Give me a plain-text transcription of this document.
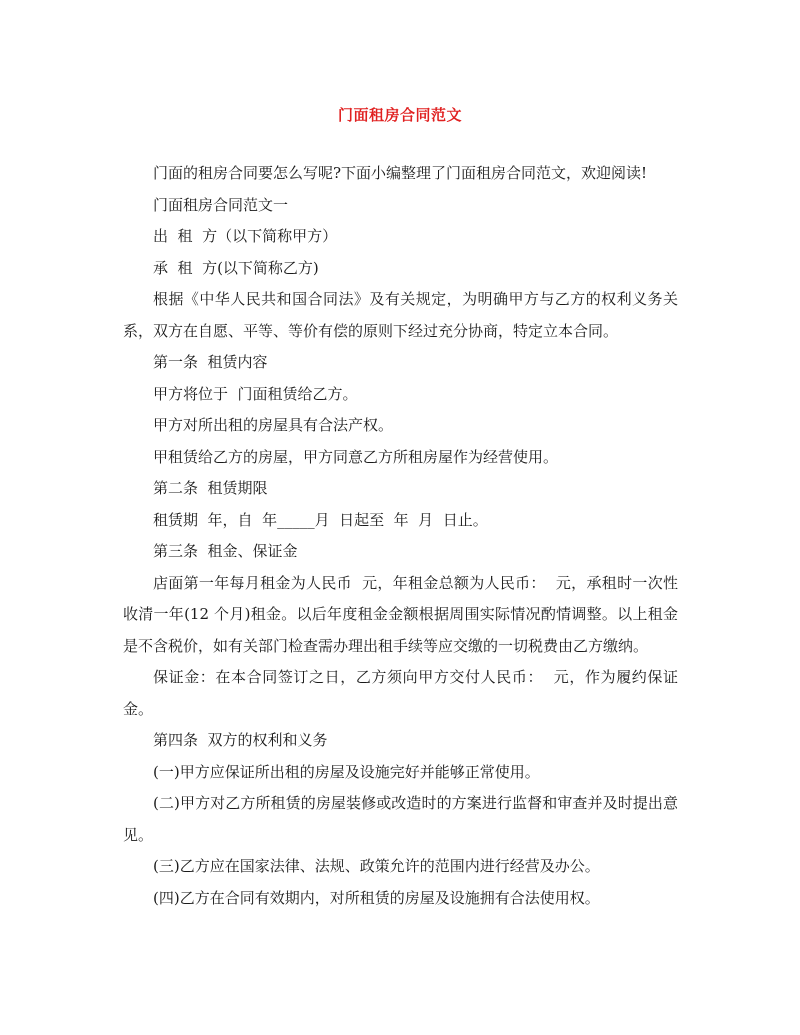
门面租房合同范文

门面的租房合同要怎么写呢?下面小编整理了门面租房合同范文，欢迎阅读!

门面租房合同范文一

出  租  方（以下简称甲方）

承  租  方(以下简称乙方)

根据《中华人民共和国合同法》及有关规定，为明确甲方与乙方的权利义务关系，双方在自愿、平等、等价有偿的原则下经过充分协商，特定立本合同。

第一条  租赁内容

甲方将位于  门面租赁给乙方。

甲方对所出租的房屋具有合法产权。

甲租赁给乙方的房屋，甲方同意乙方所租房屋作为经营使用。

第二条  租赁期限

租赁期  年，自  年_____月  日起至  年  月  日止。

第三条  租金、保证金

店面第一年每月租金为人民币  元，年租金总额为人民币：  元，承租时一次性收清一年(12 个月)租金。以后年度租金金额根据周围实际情况酌情调整。以上租金是不含税价，如有关部门检查需办理出租手续等应交缴的一切税费由乙方缴纳。

保证金：在本合同签订之日，乙方须向甲方交付人民币：  元，作为履约保证金。

第四条  双方的权利和义务

(一)甲方应保证所出租的房屋及设施完好并能够正常使用。

(二)甲方对乙方所租赁的房屋装修或改造时的方案进行监督和审查并及时提出意见。

(三)乙方应在国家法律、法规、政策允许的范围内进行经营及办公。

(四)乙方在合同有效期内，对所租赁的房屋及设施拥有合法使用权。
